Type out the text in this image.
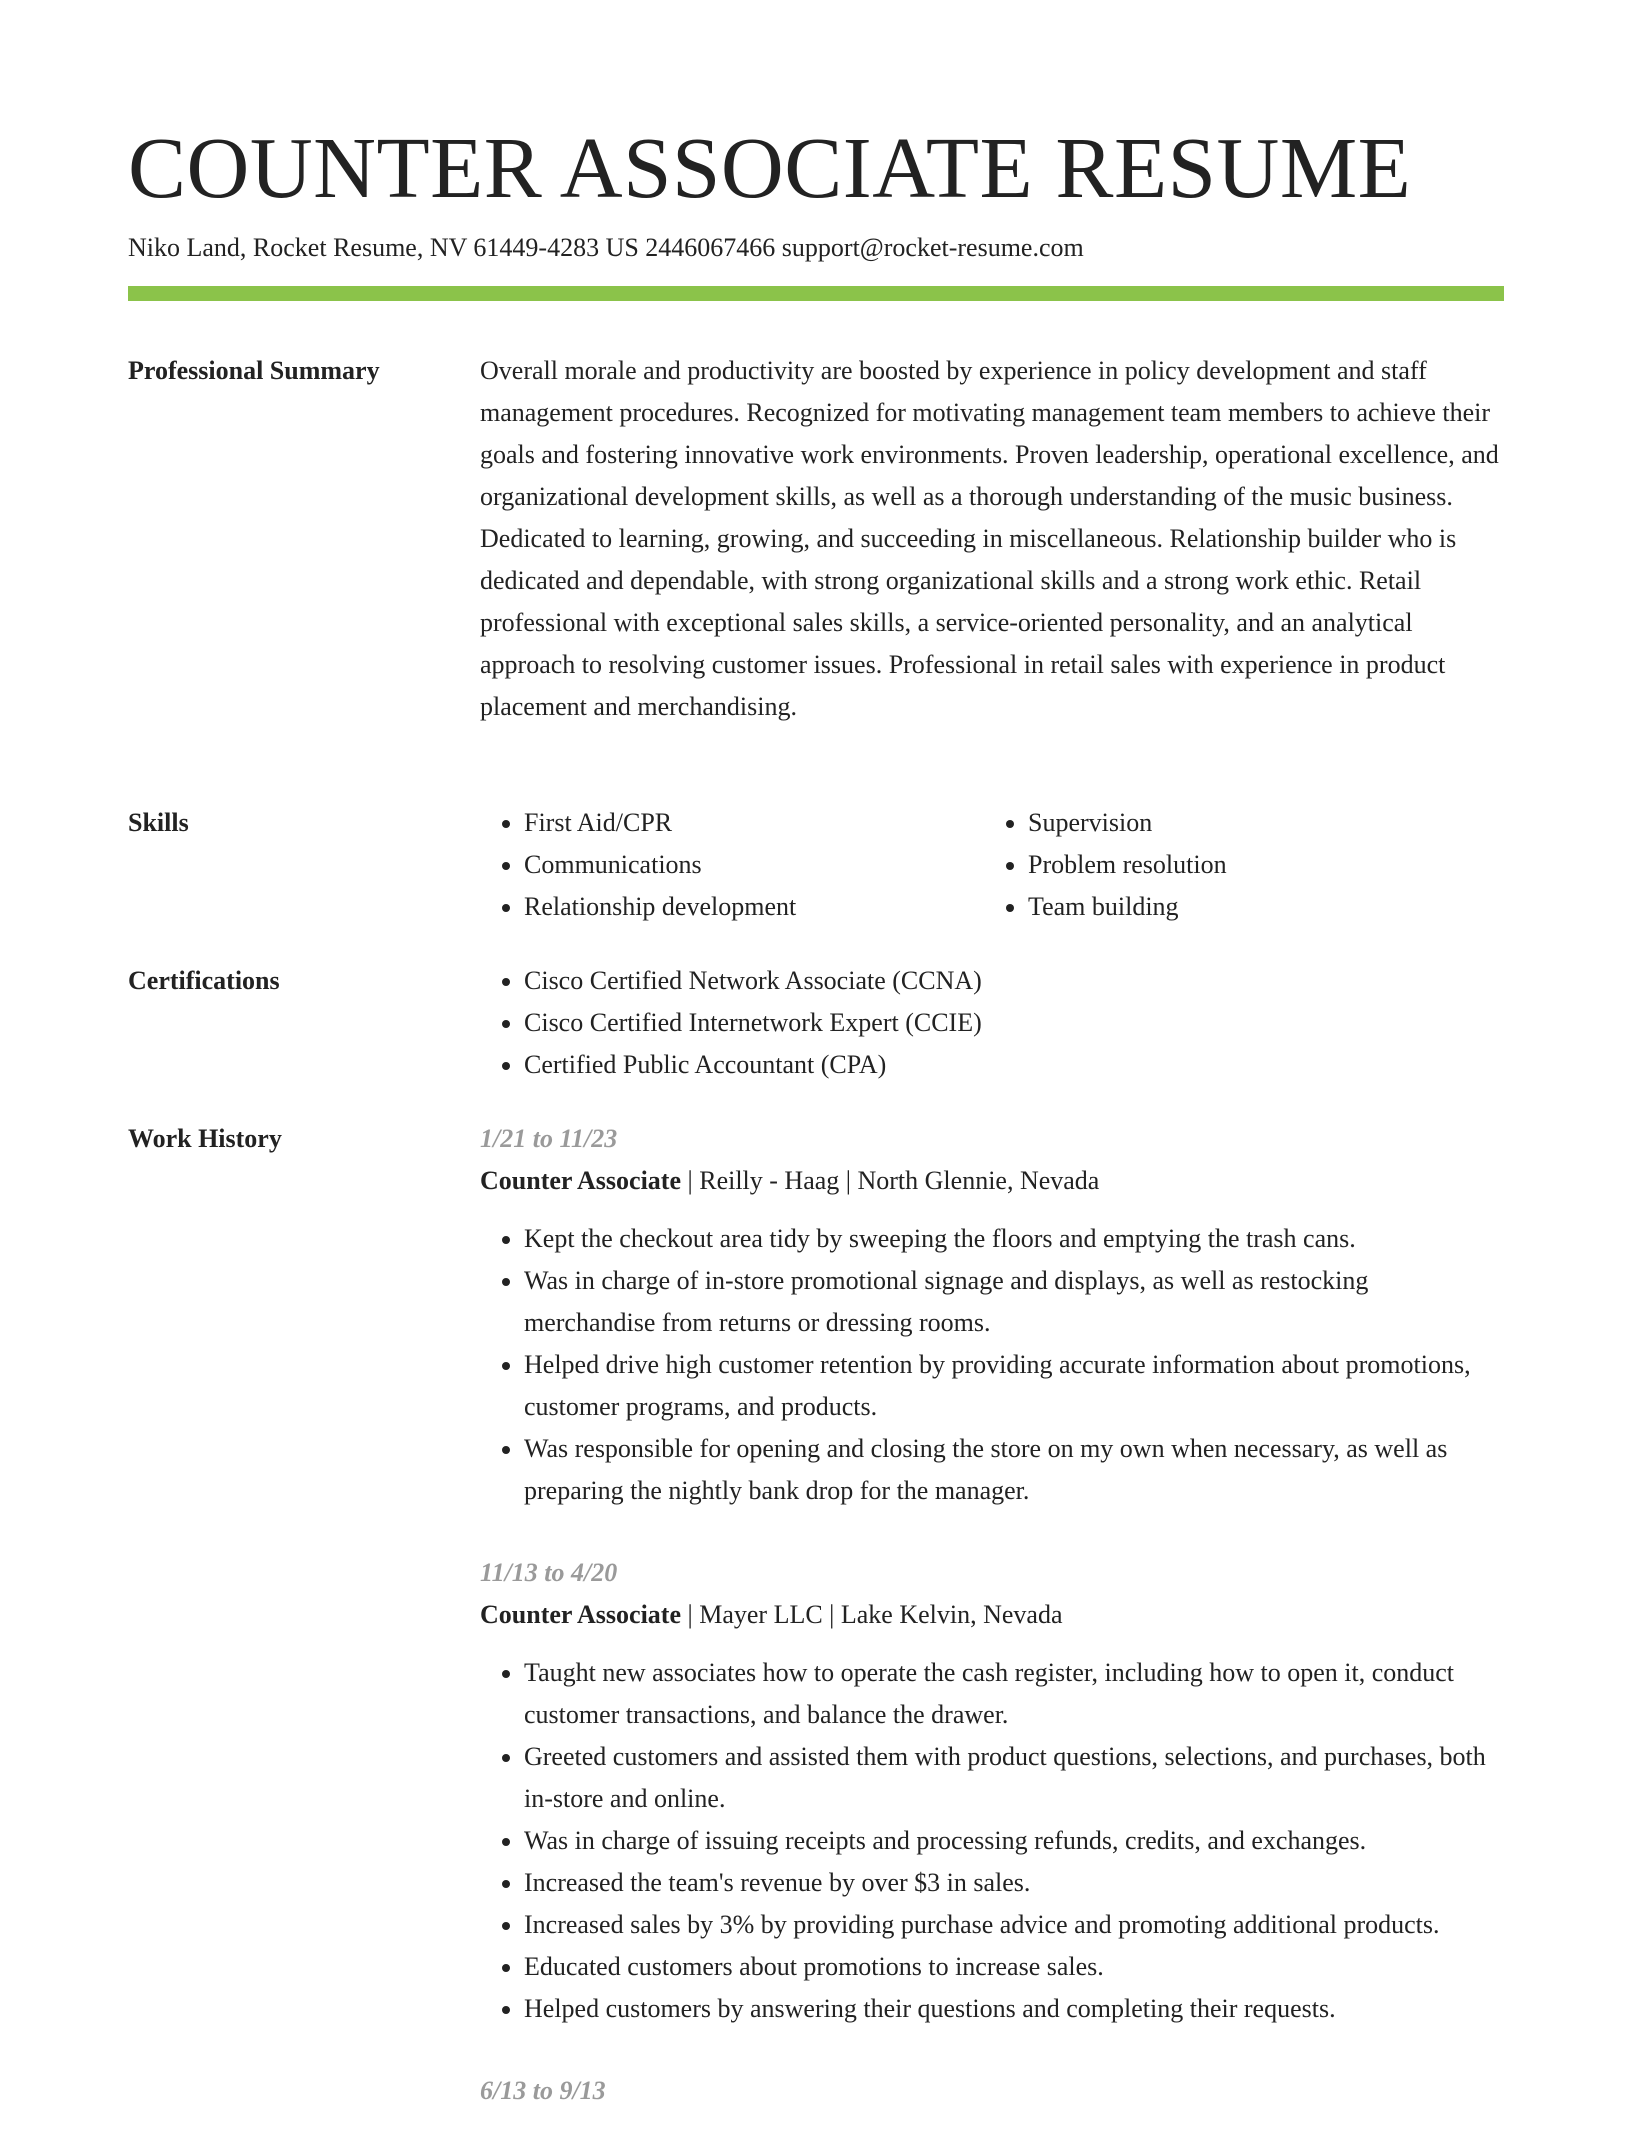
COUNTER ASSOCIATE RESUME
Niko Land, Rocket Resume, NV 61449-4283 US 2446067466 support@rocket-resume.com
Professional Summary	Overall morale and productivity are boosted by experience in policy development and staff management procedures. Recognized for motivating management team members to achieve their goals and fostering innovative work environments. Proven leadership, operational excellence, and organizational development skills, as well as a thorough understanding of the music business. Dedicated to learning, growing, and succeeding in miscellaneous. Relationship builder who is dedicated and dependable, with strong organizational skills and a strong work ethic. Retail professional with exceptional sales skills, a service-oriented personality, and an analytical approach to resolving customer issues. Professional in retail sales with experience in product placement and merchandising.

Skills	• First Aid/CPR
• Communications
• Relationship development
• Supervision
• Problem resolution
• Team building
Certifications	• Cisco Certified Network Associate (CCNA)
• Cisco Certified Internetwork Expert (CCIE)
• Certified Public Accountant (CPA)
Work History	1/21 to 11/23
Counter Associate | Reilly - Haag | North Glennie, Nevada
• Kept the checkout area tidy by sweeping the floors and emptying the trash cans.
• Was in charge of in-store promotional signage and displays, as well as restocking merchandise from returns or dressing rooms.
• Helped drive high customer retention by providing accurate information about promotions, customer programs, and products.
• Was responsible for opening and closing the store on my own when necessary, as well as preparing the nightly bank drop for the manager.
11/13 to 4/20
Counter Associate | Mayer LLC | Lake Kelvin, Nevada
• Taught new associates how to operate the cash register, including how to open it, conduct customer transactions, and balance the drawer.
• Greeted customers and assisted them with product questions, selections, and purchases, both in-store and online.
• Was in charge of issuing receipts and processing refunds, credits, and exchanges.
• Increased the team's revenue by over $3 in sales.
• Increased sales by 3% by providing purchase advice and promoting additional products.
• Educated customers about promotions to increase sales.
• Helped customers by answering their questions and completing their requests.
6/13 to 9/13
